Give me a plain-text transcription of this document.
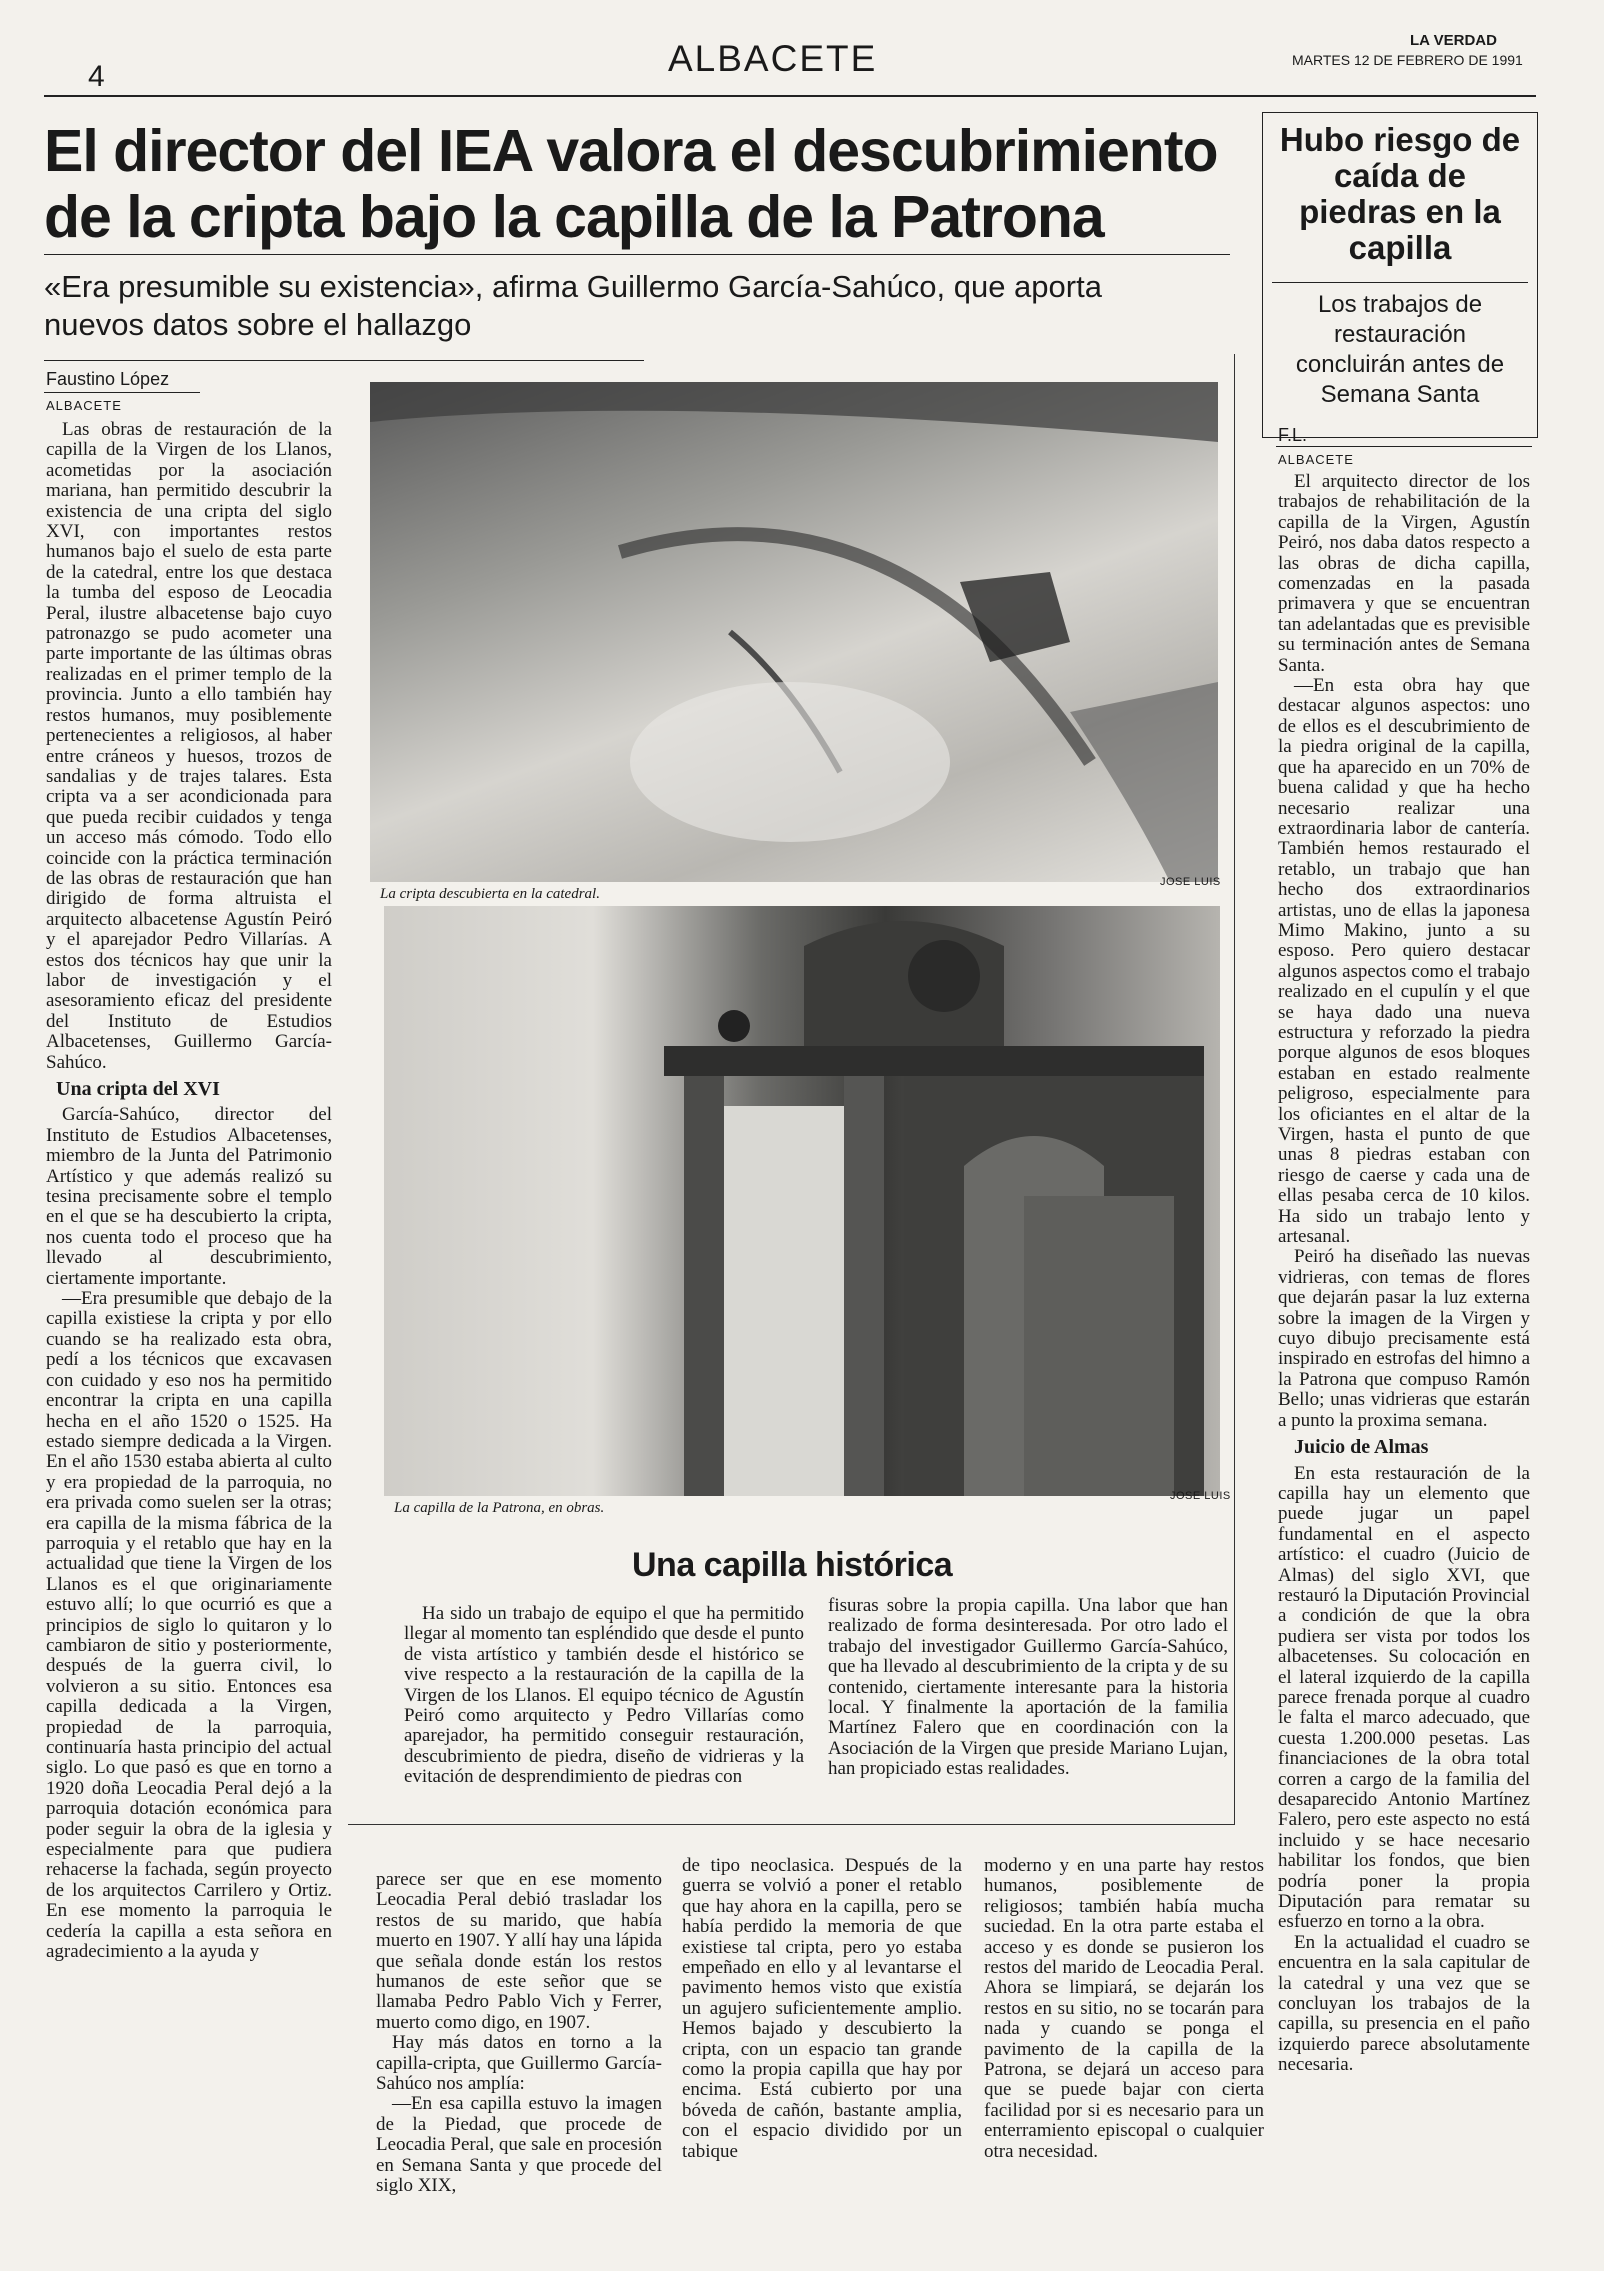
4	ALBACETE	LA VERDAD
MARTES 12 DE FEBRERO DE 1991
El director del IEA valora el descubrimiento
de la cripta bajo la capilla de la Patrona
«Era presumible su existencia», afirma Guillermo García-Sahúco, que aporta nuevos datos sobre el hallazgo
Faustino López
ALBACETE

Las obras de restauración de la capilla de la Virgen de los Llanos, acometidas por la asociación mariana, han permitido descubrir la existencia de una cripta del siglo XVI, con importantes restos humanos bajo el suelo de esta parte de la catedral, entre los que destaca la tumba del esposo de Leocadia Peral, ilustre albacetense bajo cuyo patronazgo se pudo acometer una parte importante de las últimas obras realizadas en el primer templo de la provincia. Junto a ello también hay restos humanos, muy posiblemente pertenecientes a religiosos, al haber entre cráneos y huesos, trozos de sandalias y de trajes talares. Esta cripta va a ser acondicionada para que pueda recibir cuidados y tenga un acceso más cómodo. Todo ello coincide con la práctica terminación de las obras de restauración que han dirigido de forma altruista el arquitecto albacetense Agustín Peiró y el aparejador Pedro Villarías. A estos dos técnicos hay que unir la labor de investigación y el asesoramiento eficaz del presidente del Instituto de Estudios Albacetenses, Guillermo García-Sahúco.

Una cripta del XVI

García-Sahúco, director del Instituto de Estudios Albacetenses, miembro de la Junta del Patrimonio Artístico y que además realizó su tesina precisamente sobre el templo en el que se ha descubierto la cripta, nos cuenta todo el proceso que ha llevado al descubrimiento, ciertamente importante.

—Era presumible que debajo de la capilla existiese la cripta y por ello cuando se ha realizado esta obra, pedí a los técnicos que excavasen con cuidado y eso nos ha permitido encontrar la cripta en una capilla hecha en el año 1520 o 1525. Ha estado siempre dedicada a la Virgen. En el año 1530 estaba abierta al culto y era propiedad de la parroquia, no era privada como suelen ser la otras; era capilla de la misma fábrica de la parroquia y el retablo que hay en la actualidad que tiene la Virgen de los Llanos es el que originariamente estuvo allí; lo que ocurrió es que a principios de siglo lo quitaron y lo cambiaron de sitio y posteriormente, después de la guerra civil, lo volvieron a su sitio. Entonces esa capilla dedicada a la Virgen, propiedad de la parroquia, continuaría hasta principio del actual siglo. Lo que pasó es que en torno a 1920 doña Leocadia Peral dejó a la parroquia dotación económica para poder seguir la obra de la iglesia y especialmente para que pudiera rehacerse la fachada, según proyecto de los arquitectos Carrilero y Ortiz. En ese momento la parroquia le cedería la capilla a esta señora en agradecimiento a la ayuda y

La cripta descubierta en la catedral.
JOSE LUIS
La capilla de la Patrona, en obras.
JOSE LUIS
Una capilla histórica
Ha sido un trabajo de equipo el que ha permitido llegar al momento tan espléndido que desde el punto de vista artístico y también desde el histórico se vive respecto a la restauración de la capilla de la Virgen de los Llanos. El equipo técnico de Agustín Peiró como arquitecto y Pedro Villarías como aparejador, ha permitido conseguir restauración, descubrimiento de piedra, diseño de vidrieras y la evitación de desprendimiento de piedras con
fisuras sobre la propia capilla. Una labor que han realizado de forma desinteresada. Por otro lado el trabajo del investigador Guillermo García-Sahúco, que ha llevado al descubrimiento de la cripta y de su contenido, ciertamente interesante para la historia local. Y finalmente la aportación de la familia Martínez Falero que en coordinación con la Asociación de la Virgen que preside Mariano Lujan, han propiciado estas realidades.

parece ser que en ese momento Leocadia Peral debió trasladar los restos de su marido, que había muerto en 1907. Y allí hay una lápida que señala donde están los restos humanos de este señor que se llamaba Pedro Pablo Vich y Ferrer, muerto como digo, en 1907.

Hay más datos en torno a la capilla-cripta, que Guillermo García-Sahúco nos amplía:

—En esa capilla estuvo la imagen de la Piedad, que procede de Leocadia Peral, que sale en procesión en Semana Santa y que procede del siglo XIX,

de tipo neoclasica. Después de la guerra se volvió a poner el retablo que hay ahora en la capilla, pero se había perdido la memoria de que existiese tal cripta, pero yo estaba empeñado en ello y al levantarse el pavimento hemos visto que existía un agujero suficientemente amplio. Hemos bajado y descubierto la cripta, con un espacio tan grande como la propia capilla que hay por encima. Está cubierto por una bóveda de cañón, bastante amplia, con el espacio dividido por un tabique

moderno y en una parte hay restos humanos, posiblemente de religiosos; también había mucha suciedad. En la otra parte estaba el acceso y es donde se pusieron los restos del marido de Leocadia Peral. Ahora se limpiará, se dejarán los restos en su sitio, no se tocarán para nada y cuando se ponga el pavimento de la capilla de la Patrona, se dejará un acceso para que se puede bajar con cierta facilidad por si es necesario para un enterramiento episcopal o cualquier otra necesidad.

Hubo riesgo de caída de piedras en la capilla
Los trabajos de restauración concluirán antes de Semana Santa
F.L.
ALBACETE

El arquitecto director de los trabajos de rehabilitación de la capilla de la Virgen, Agustín Peiró, nos daba datos respecto a las obras de dicha capilla, comenzadas en la pasada primavera y que se encuentran tan adelantadas que es previsible su terminación antes de Semana Santa.

—En esta obra hay que destacar algunos aspectos: uno de ellos es el descubrimiento de la piedra original de la capilla, que ha aparecido en un 70% de buena calidad y que ha hecho necesario realizar una extraordinaria labor de cantería. También hemos restaurado el retablo, un trabajo que han hecho dos extraordinarios artistas, uno de ellas la japonesa Mimo Makino, junto a su esposo. Pero quiero destacar algunos aspectos como el trabajo realizado en el cupulín y el que se haya dado una nueva estructura y reforzado la piedra porque algunos de esos bloques estaban en estado realmente peligroso, especialmente para los oficiantes en el altar de la Virgen, hasta el punto de que unas 8 piedras estaban con riesgo de caerse y cada una de ellas pesaba cerca de 10 kilos. Ha sido un trabajo lento y artesanal.

Peiró ha diseñado las nuevas vidrieras, con temas de flores que dejarán pasar la luz externa sobre la imagen de la Virgen y cuyo dibujo precisamente está inspirado en estrofas del himno a la Patrona que compuso Ramón Bello; unas vidrieras que estarán a punto la proxima semana.

Juicio de Almas

En esta restauración de la capilla hay un elemento que puede jugar un papel fundamental en el aspecto artístico: el cuadro (Juicio de Almas) del siglo XVI, que restauró la Diputación Provincial a condición de que la obra pudiera ser vista por todos los albacetenses. Su colocación en el lateral izquierdo de la capilla parece frenada porque al cuadro le falta el marco adecuado, que cuesta 1.200.000 pesetas. Las financiaciones de la obra total corren a cargo de la familia del desaparecido Antonio Martínez Falero, pero este aspecto no está incluido y se hace necesario habilitar los fondos, que bien podría poner la propia Diputación para rematar su esfuerzo en torno a la obra.

En la actualidad el cuadro se encuentra en la sala capitular de la catedral y una vez que se concluyan los trabajos de la capilla, su presencia en el paño izquierdo parece absolutamente necesaria.
